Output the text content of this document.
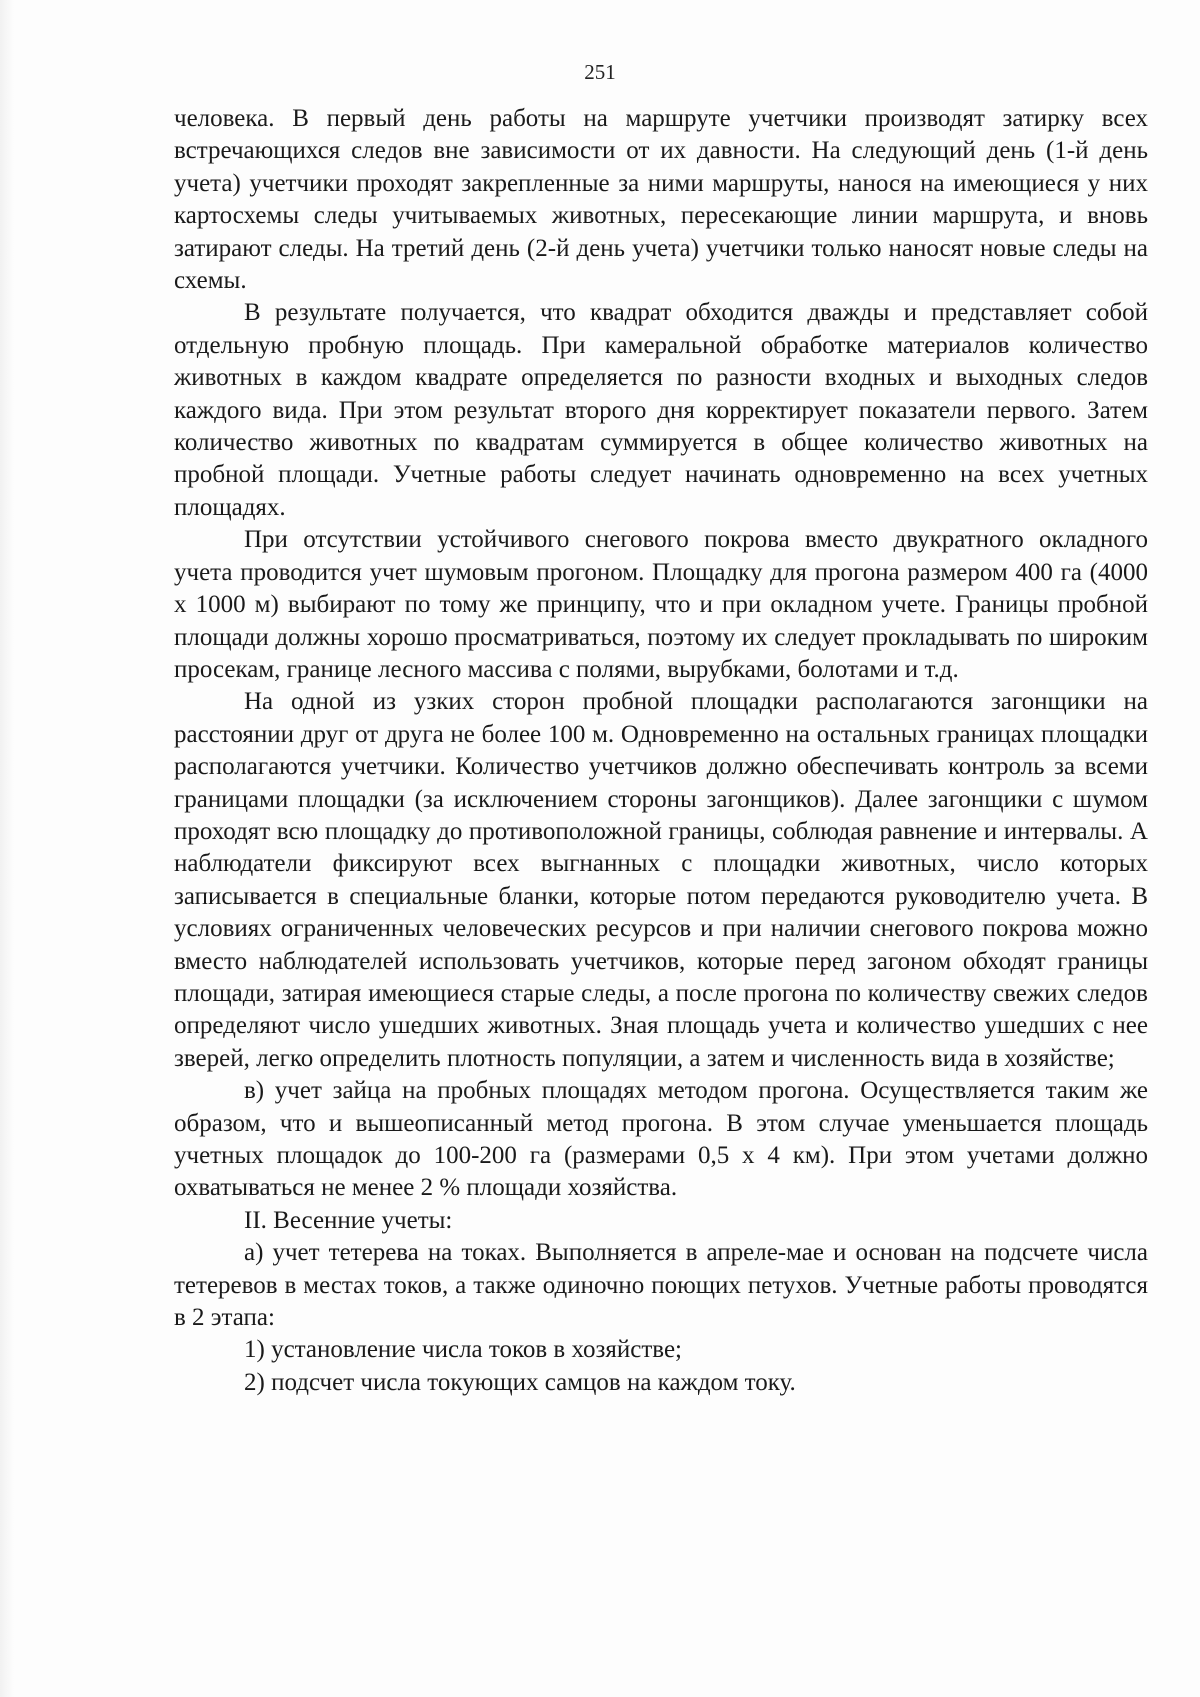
251

человека. В первый день работы на маршруте учетчики производят затирку всех встречающихся следов вне зависимости от их давности. На следующий день (1-й день учета) учетчики проходят закрепленные за ними маршруты, нанося на имеющиеся у них картосхемы следы учитываемых животных, пересекающие линии маршрута, и вновь затирают следы. На третий день (2-й день учета) учетчики только наносят новые следы на схемы.

В результате получается, что квадрат обходится дважды и представляет собой отдельную пробную площадь. При камеральной обработке материалов количество животных в каждом квадрате определяется по разности входных и выходных следов каждого вида. При этом результат второго дня корректирует показатели первого. Затем количество животных по квадратам суммируется в общее количество животных на пробной площади. Учетные работы следует начинать одновременно на всех учетных площадях.

При отсутствии устойчивого снегового покрова вместо двукратного окладного учета проводится учет шумовым прогоном. Площадку для прогона размером 400 га (4000 х 1000 м) выбирают по тому же принципу, что и при окладном учете. Границы пробной площади должны хорошо просматриваться, поэтому их следует прокладывать по широким просекам, границе лесного массива с полями, вырубками, болотами и т.д.

На одной из узких сторон пробной площадки располагаются загонщики на расстоянии друг от друга не более 100 м. Одновременно на остальных границах площадки располагаются учетчики. Количество учетчиков должно обеспечивать контроль за всеми границами площадки (за исключением стороны загонщиков). Далее загонщики с шумом проходят всю площадку до противоположной границы, соблюдая равнение и интервалы. А наблюдатели фиксируют всех выгнанных с площадки животных, число которых записывается в специальные бланки, которые потом передаются руководителю учета. В условиях ограниченных человеческих ресурсов и при наличии снегового покрова можно вместо наблюдателей использовать учетчиков, которые перед загоном обходят границы площади, затирая имеющиеся старые следы, а после прогона по количеству свежих следов определяют число ушедших животных. Зная площадь учета и количество ушедших с нее зверей, легко определить плотность популяции, а затем и численность вида в хозяйстве;

в) учет зайца на пробных площадях методом прогона. Осуществляется таким же образом, что и вышеописанный метод прогона. В этом случае уменьшается площадь учетных площадок до 100-200 га (размерами 0,5 х 4 км). При этом учетами должно охватываться не менее 2 % площади хозяйства.

II. Весенние учеты:

а) учет тетерева на токах. Выполняется в апреле-мае и основан на подсчете числа тетеревов в местах токов, а также одиночно поющих петухов. Учетные работы проводятся в 2 этапа:

1) установление числа токов в хозяйстве;

2) подсчет числа токующих самцов на каждом току.
